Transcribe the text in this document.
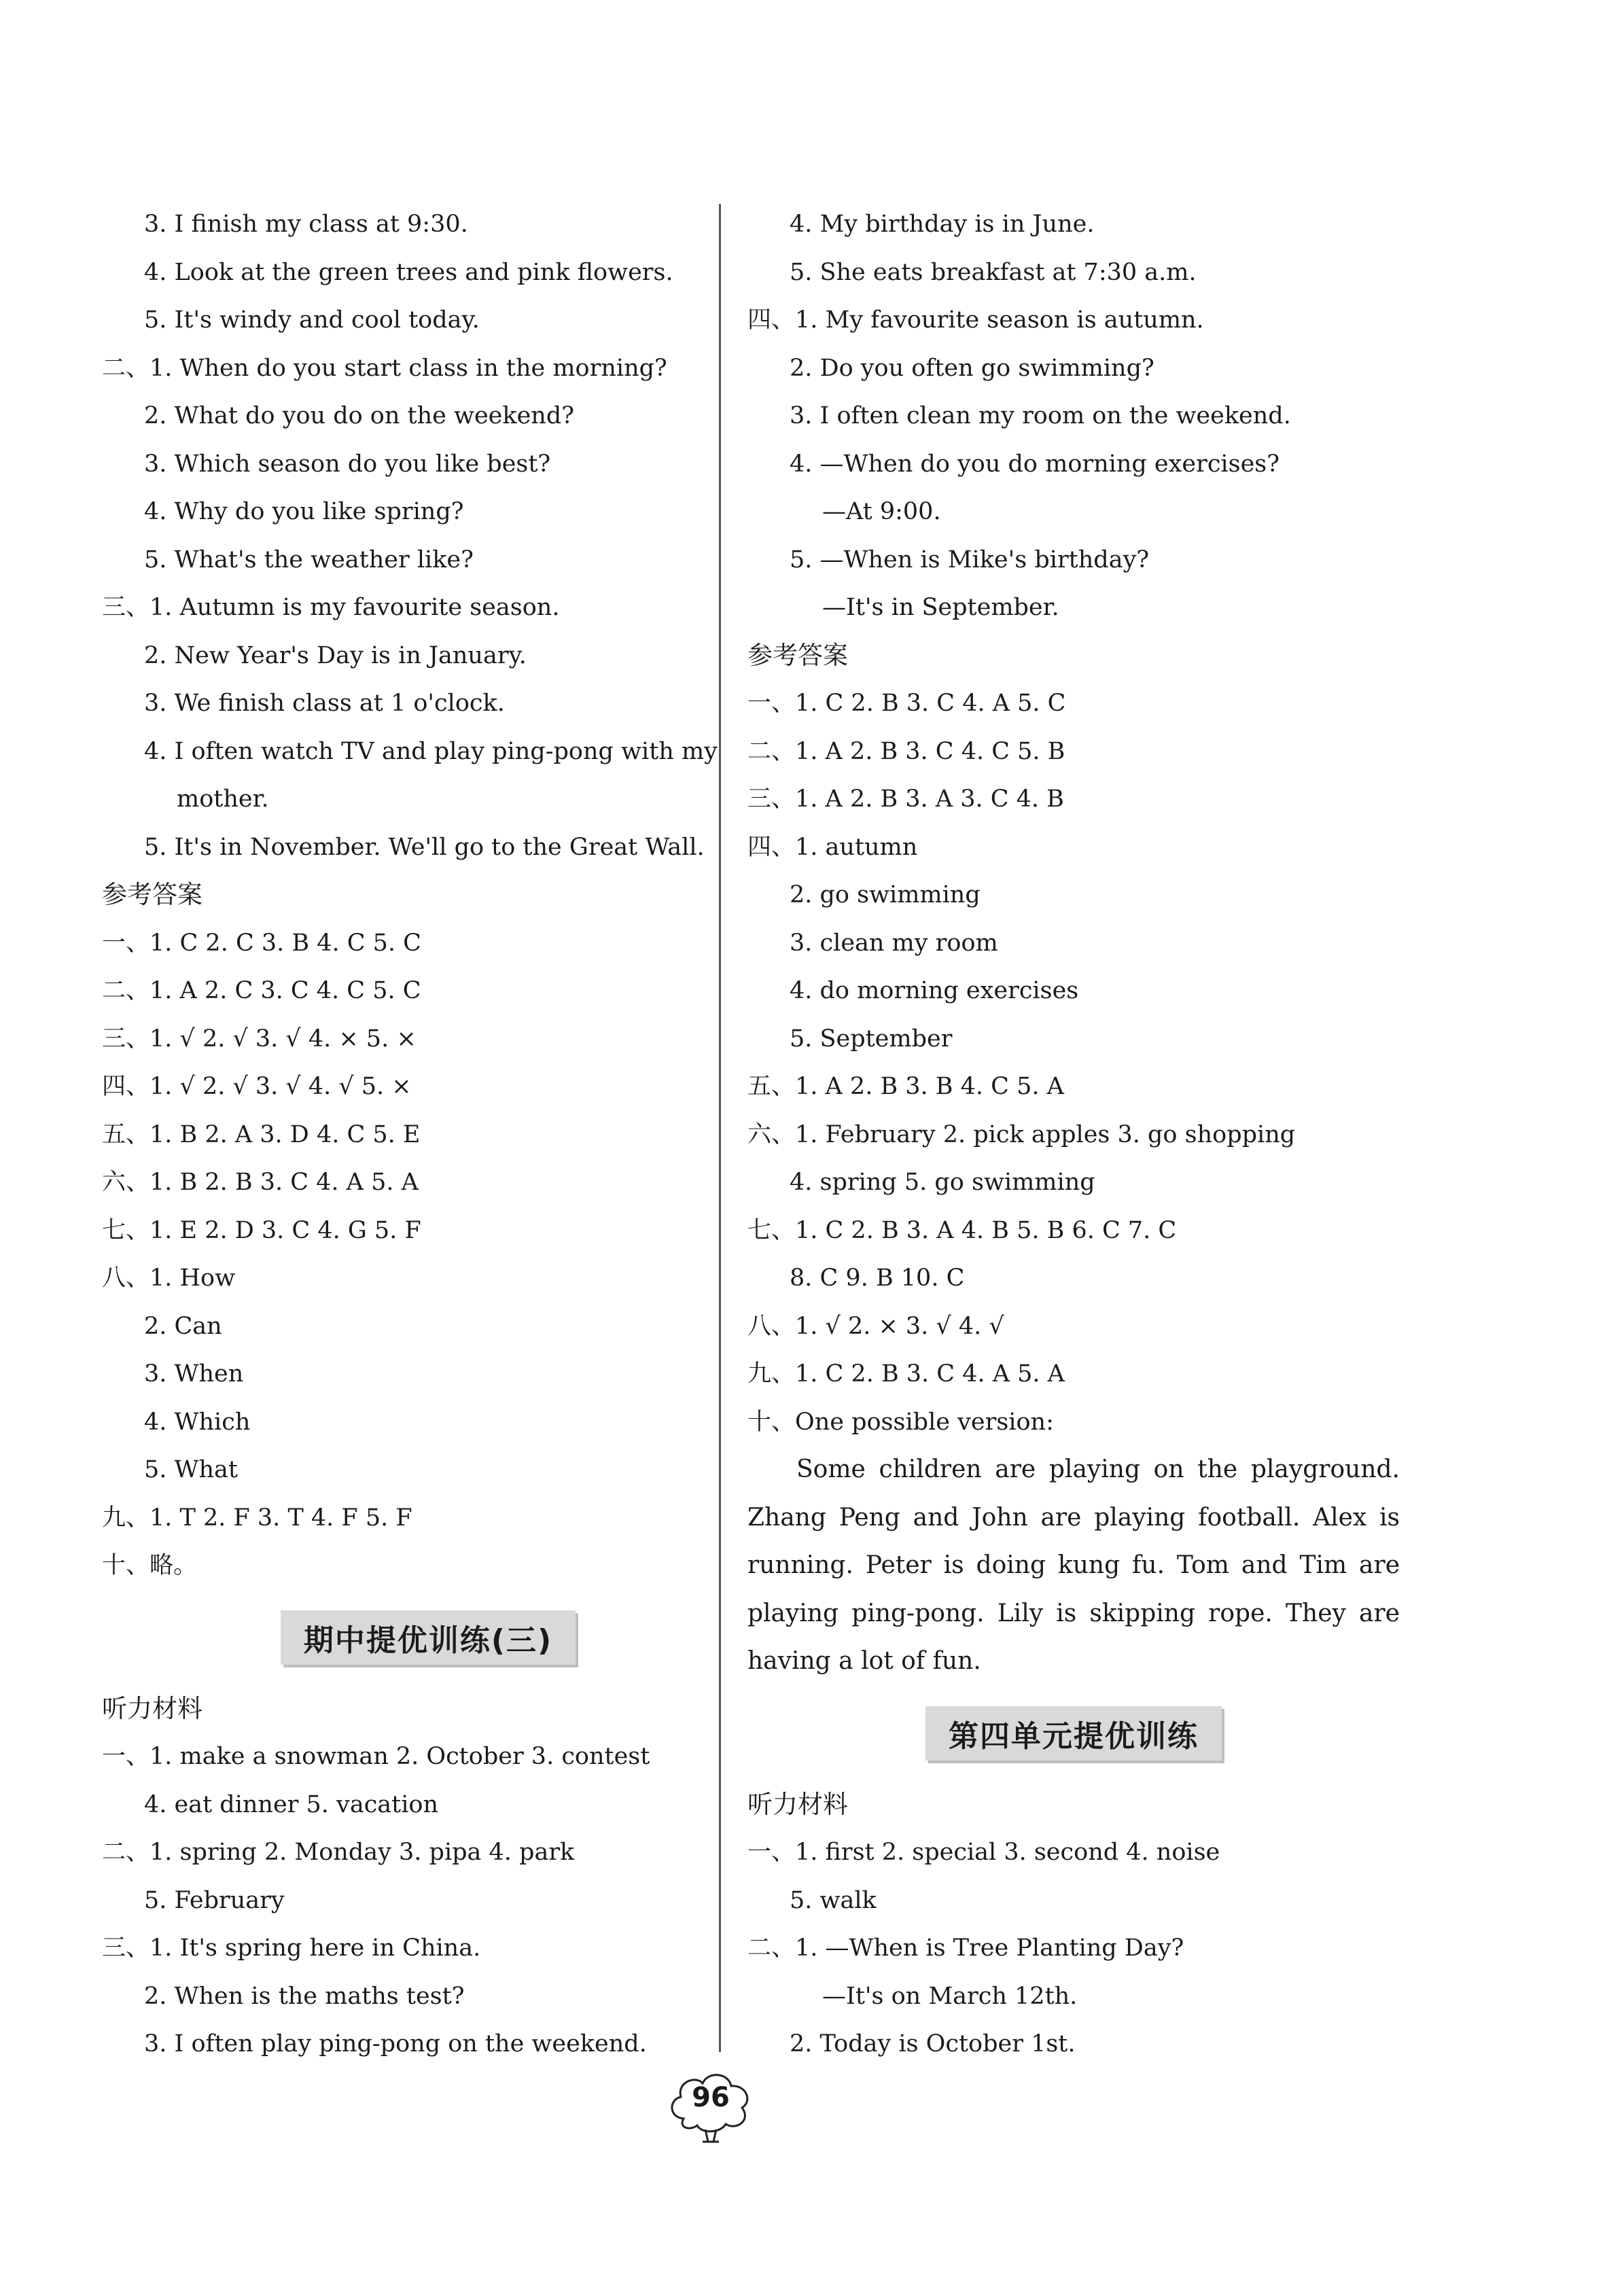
3. I finish my class at 9:30.
4. Look at the green trees and pink flowers.
5. It's windy and cool today.
二、1. When do you start class in the morning?
2. What do you do on the weekend?
3. Which season do you like best?
4. Why do you like spring?
5. What's the weather like?
三、1. Autumn is my favourite season.
2. New Year's Day is in January.
3. We finish class at 1 o'clock.
4. I often watch TV and play ping-pong with my
mother.
5. It's in November. We'll go to the Great Wall.
参考答案
一、1. C 2. C 3. B 4. C 5. C
二、1. A 2. C 3. C 4. C 5. C
三、1. √ 2. √ 3. √ 4. × 5. ×
四、1. √ 2. √ 3. √ 4. √ 5. ×
五、1. B 2. A 3. D 4. C 5. E
六、1. B 2. B 3. C 4. A 5. A
七、1. E 2. D 3. C 4. G 5. F
八、1. How
2. Can
3. When
4. Which
5. What
九、1. T 2. F 3. T 4. F 5. F
十、略。
期中提优训练(三)
听力材料
一、1. make a snowman 2. October 3. contest
4. eat dinner 5. vacation
二、1. spring 2. Monday 3. pipa 4. park
5. February
三、1. It's spring here in China.
2. When is the maths test?
3. I often play ping-pong on the weekend.
4. My birthday is in June.
5. She eats breakfast at 7:30 a.m.
四、1. My favourite season is autumn.
2. Do you often go swimming?
3. I often clean my room on the weekend.
4. —When do you do morning exercises?
—At 9:00.
5. —When is Mike's birthday?
—It's in September.
参考答案
一、1. C 2. B 3. C 4. A 5. C
二、1. A 2. B 3. C 4. C 5. B
三、1. A 2. B 3. A 3. C 4. B
四、1. autumn
2. go swimming
3. clean my room
4. do morning exercises
5. September
五、1. A 2. B 3. B 4. C 5. A
六、1. February 2. pick apples 3. go shopping
4. spring 5. go swimming
七、1. C 2. B 3. A 4. B 5. B 6. C 7. C
8. C 9. B 10. C
八、1. √ 2. × 3. √ 4. √
九、1. C 2. B 3. C 4. A 5. A
十、One possible version:
Some children are playing on the playground.
Zhang Peng and John are playing football. Alex is
running. Peter is doing kung fu. Tom and Tim are
playing ping-pong. Lily is skipping rope. They are
having a lot of fun.
第四单元提优训练
听力材料
一、1. first 2. special 3. second 4. noise
5. walk
二、1. —When is Tree Planting Day?
—It's on March 12th.
2. Today is October 1st.
96
